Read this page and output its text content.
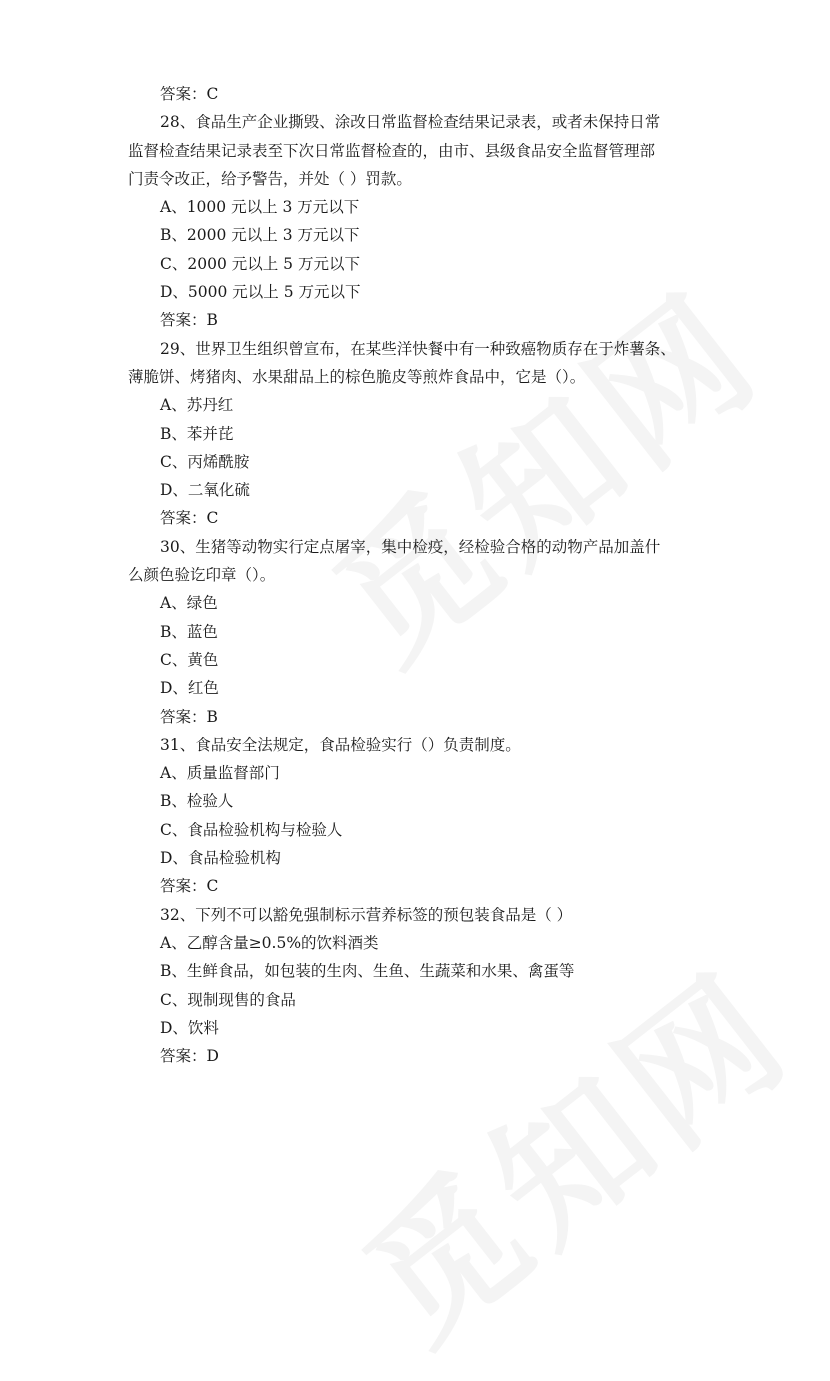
答案：C
28、食品生产企业撕毁、涂改日常监督检查结果记录表，或者未保持日常
监督检查结果记录表至下次日常监督检查的，由市、县级食品安全监督管理部
门责令改正，给予警告，并处（ ）罚款。
A、1000 元以上 3 万元以下
B、2000 元以上 3 万元以下
C、2000 元以上 5 万元以下
D、5000 元以上 5 万元以下
答案：B
29、世界卫生组织曾宣布，在某些洋快餐中有一种致癌物质存在于炸薯条、
薄脆饼、烤猪肉、水果甜品上的棕色脆皮等煎炸食品中，它是（）。
A、苏丹红
B、苯并芘
C、丙烯酰胺
D、二氧化硫
答案：C
30、生猪等动物实行定点屠宰，集中检疫，经检验合格的动物产品加盖什
么颜色验讫印章（）。
A、绿色
B、蓝色
C、黄色
D、红色
答案：B
31、食品安全法规定，食品检验实行（）负责制度。
A、质量监督部门
B、检验人
C、食品检验机构与检验人
D、食品检验机构
答案：C
32、下列不可以豁免强制标示营养标签的预包装食品是（ ）
A、乙醇含量≥0.5%的饮料酒类
B、生鲜食品，如包装的生肉、生鱼、生蔬菜和水果、禽蛋等
C、现制现售的食品
D、饮料
答案：D
